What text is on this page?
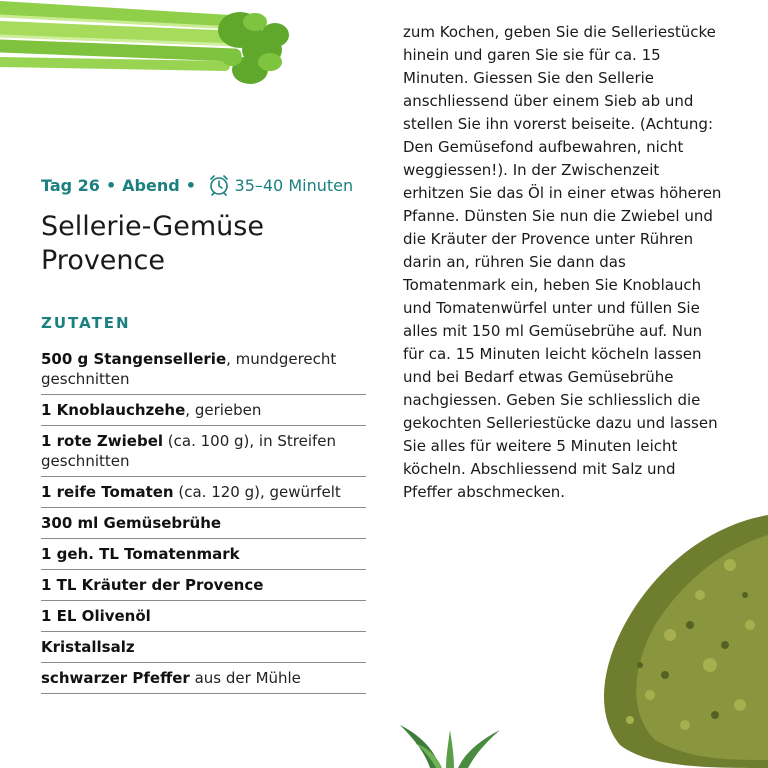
Tag 26 • Abend • 35–40 Minuten
Sellerie-Gemüse Provence
ZUTATEN
500 g Stangensellerie, mundgerecht geschnitten
1 Knoblauchzehe, gerieben
1 rote Zwiebel (ca. 100 g), in Streifen geschnitten
1 reife Tomaten (ca. 120 g), gewürfelt
300 ml Gemüsebrühe
1 geh. TL Tomatenmark
1 TL Kräuter der Provence
1 EL Olivenöl
Kristallsalz
schwarzer Pfeffer aus der Mühle

zum Kochen, geben Sie die Selleriestücke hinein und garen Sie sie für ca. 15 Minuten. Giessen Sie den Sellerie anschliessend über einem Sieb ab und stellen Sie ihn vorerst beiseite. (Achtung: Den Gemüsefond aufbewahren, nicht weggiessen!). In der Zwischenzeit erhitzen Sie das Öl in einer etwas höheren Pfanne. Dünsten Sie nun die Zwiebel und die Kräuter der Provence unter Rühren darin an, rühren Sie dann das Tomatenmark ein, heben Sie Knoblauch und Tomatenwürfel unter und füllen Sie alles mit 150 ml Gemüsebrühe auf. Nun für ca. 15 Minuten leicht köcheln lassen und bei Bedarf etwas Gemüsebrühe nachgiessen. Geben Sie schliesslich die gekochten Selleriestücke dazu und lassen Sie alles für weitere 5 Minuten leicht köcheln. Abschliessend mit Salz und Pfeffer abschmecken.
